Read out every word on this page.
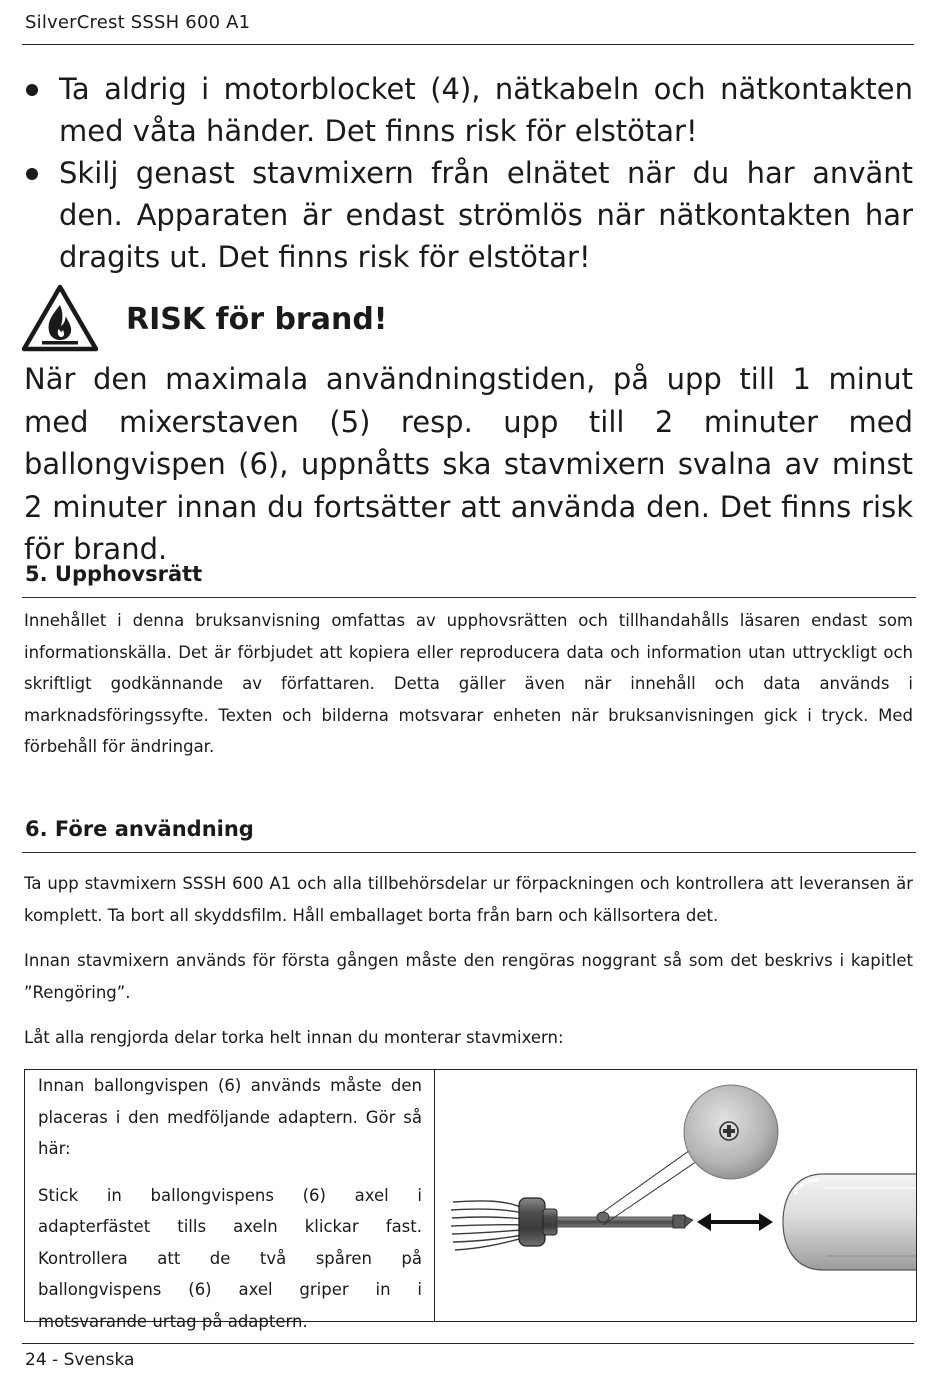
SilverCrest SSSH 600 A1
Ta aldrig i motorblocket (4), nätkabeln och nätkontakten med våta händer. Det finns risk för elstötar!
Skilj genast stavmixern från elnätet när du har använt den. Apparaten är endast strömlös när nätkontakten har dragits ut. Det finns risk för elstötar!
RISK för brand!
När den maximala användningstiden, på upp till 1 minut med mixerstaven (5) resp. upp till 2 minuter med ballongvispen (6), uppnåtts ska stavmixern svalna av minst 2 minuter innan du fortsätter att använda den. Det finns risk för brand.
5. Upphovsrätt
Innehållet i denna bruksanvisning omfattas av upphovsrätten och tillhandahålls läsaren endast som informationskälla. Det är förbjudet att kopiera eller reproducera data och information utan uttryckligt och skriftligt godkännande av författaren. Detta gäller även när innehåll och data används i marknadsföringssyfte. Texten och bilderna motsvarar enheten när bruksanvisningen gick i tryck. Med förbehåll för ändringar.
6. Före användning
Ta upp stavmixern SSSH 600 A1 och alla tillbehörsdelar ur förpackningen och kontrollera att leveransen är komplett. Ta bort all skyddsfilm. Håll emballaget borta från barn och källsortera det.
Innan stavmixern används för första gången måste den rengöras noggrant så som det beskrivs i kapitlet ”Rengöring”.
Låt alla rengjorda delar torka helt innan du monterar stavmixern:

Innan ballongvispen (6) används måste den placeras i den medföljande adaptern. Gör så här:

Stick in ballongvispens (6) axel i adapterfästet tills axeln klickar fast. Kontrollera att de två spåren på ballongvispens (6) axel griper in i motsvarande urtag på adaptern.

24 - Svenska
